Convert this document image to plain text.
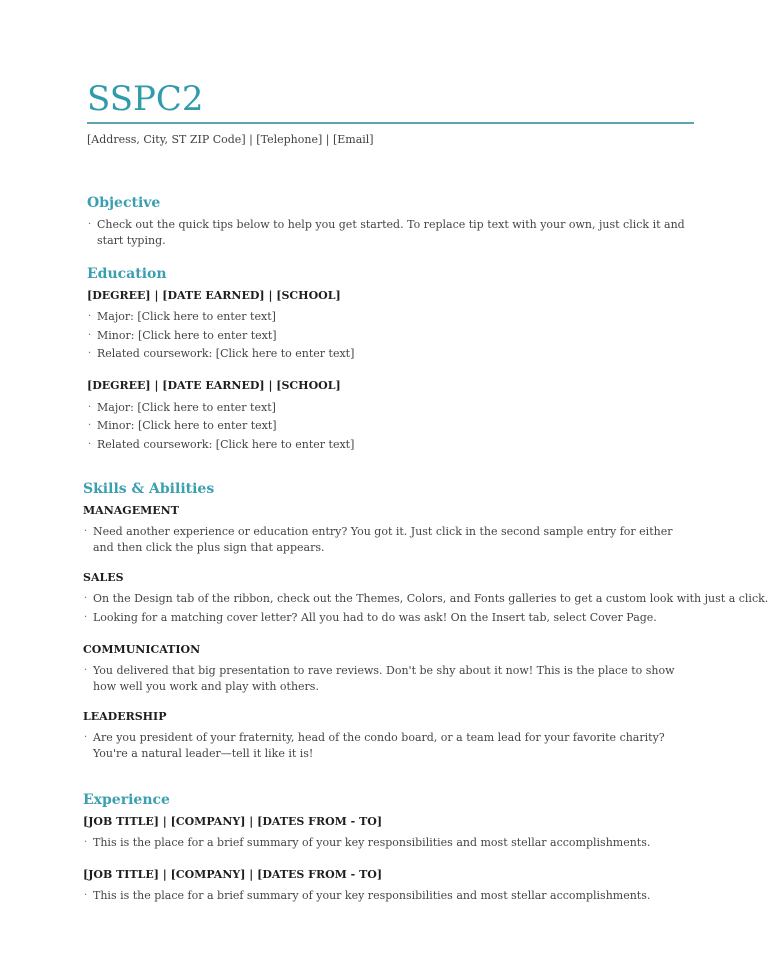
SSPC2
[Address, City, ST ZIP Code] | [Telephone] | [Email]
Objective
· Check out the quick tips below to help you get started. To replace tip text with your own, just click it and start typing.
Education
[DEGREE] | [DATE EARNED] | [SCHOOL]
· Major: [Click here to enter text]
· Minor: [Click here to enter text]
· Related coursework: [Click here to enter text]
[DEGREE] | [DATE EARNED] | [SCHOOL]
· Major: [Click here to enter text]
· Minor: [Click here to enter text]
· Related coursework: [Click here to enter text]
Skills & Abilities
MANAGEMENT
· Need another experience or education entry? You got it. Just click in the second sample entry for either and then click the plus sign that appears.
SALES
· On the Design tab of the ribbon, check out the Themes, Colors, and Fonts galleries to get a custom look with just a click.
· Looking for a matching cover letter? All you had to do was ask! On the Insert tab, select Cover Page.
COMMUNICATION
· You delivered that big presentation to rave reviews. Don't be shy about it now! This is the place to show how well you work and play with others.
LEADERSHIP
· Are you president of your fraternity, head of the condo board, or a team lead for your favorite charity? You're a natural leader—tell it like it is!
Experience
[JOB TITLE] | [COMPANY] | [DATES FROM - TO]
· This is the place for a brief summary of your key responsibilities and most stellar accomplishments.
[JOB TITLE] | [COMPANY] | [DATES FROM - TO]
· This is the place for a brief summary of your key responsibilities and most stellar accomplishments.
